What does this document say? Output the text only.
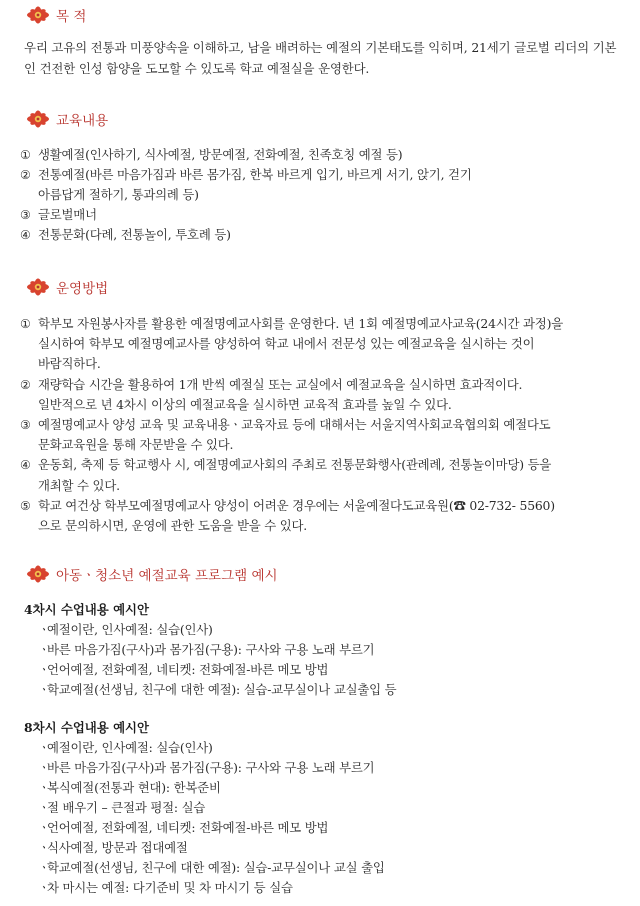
목 적
우리 고유의 전통과 미풍양속을 이해하고, 남을 배려하는 예절의 기본태도를 익히며, 21세기 글로벌 리더의 기본인 건전한 인성 함양을 도모할 수 있도록 학교 예절실을 운영한다.
교육내용
① 생활예절(인사하기, 식사예절, 방문예절, 전화예절, 친족호칭 예절 등)
② 전통예절(바른 마음가짐과 바른 몸가짐, 한복 바르게 입기, 바르게 서기, 앉기, 걷기
아름답게 절하기, 통과의례 등)
③ 글로벌매너
④ 전통문화(다례, 전통놀이, 투호례 등)
운영방법
① 학부모 자원봉사자를 활용한 예절명예교사회를 운영한다. 년 1회 예절명예교사교육(24시간 과정)을
실시하여 학부모 예절명예교사를 양성하여 학교 내에서 전문성 있는 예절교육을 실시하는 것이
바람직하다.
② 재량학습 시간을 활용하여 1개 반씩 예절실 또는 교실에서 예절교육을 실시하면 효과적이다.
일반적으로 년 4차시 이상의 예절교육을 실시하면 교육적 효과를 높일 수 있다.
③ 예절명예교사 양성 교육 및 교육내용ㆍ교육자료 등에 대해서는 서울지역사회교육협의회 예절다도
문화교육원을 통해 자문받을 수 있다.
④ 운동회, 축제 등 학교행사 시, 예절명예교사회의 주최로 전통문화행사(관례례, 전통놀이마당) 등을
개최할 수 있다.
⑤ 학교 여건상 학부모예절명예교사 양성이 어려운 경우에는 서울예절다도교육원(☎ 02-732- 5560)
으로 문의하시면, 운영에 관한 도움을 받을 수 있다.
아동ㆍ청소년 예절교육 프로그램 예시
4차시 수업내용 예시안
ㆍ예절이란, 인사예절: 실습(인사)
ㆍ바른 마음가짐(구사)과 몸가짐(구용): 구사와 구용 노래 부르기
ㆍ언어예절, 전화예절, 네티켓: 전화예절-바른 메모 방법
ㆍ학교예절(선생님, 친구에 대한 예절): 실습-교무실이나 교실출입 등
8차시 수업내용 예시안
ㆍ예절이란, 인사예절: 실습(인사)
ㆍ바른 마음가짐(구사)과 몸가짐(구용): 구사와 구용 노래 부르기
ㆍ복식예절(전통과 현대): 한복준비
ㆍ절 배우기 – 큰절과 평절: 실습
ㆍ언어예절, 전화예절, 네티켓: 전화예절-바른 메모 방법
ㆍ식사예절, 방문과 접대예절
ㆍ학교예절(선생님, 친구에 대한 예절): 실습-교무실이나 교실 출입
ㆍ차 마시는 예절: 다기준비 및 차 마시기 등 실습
